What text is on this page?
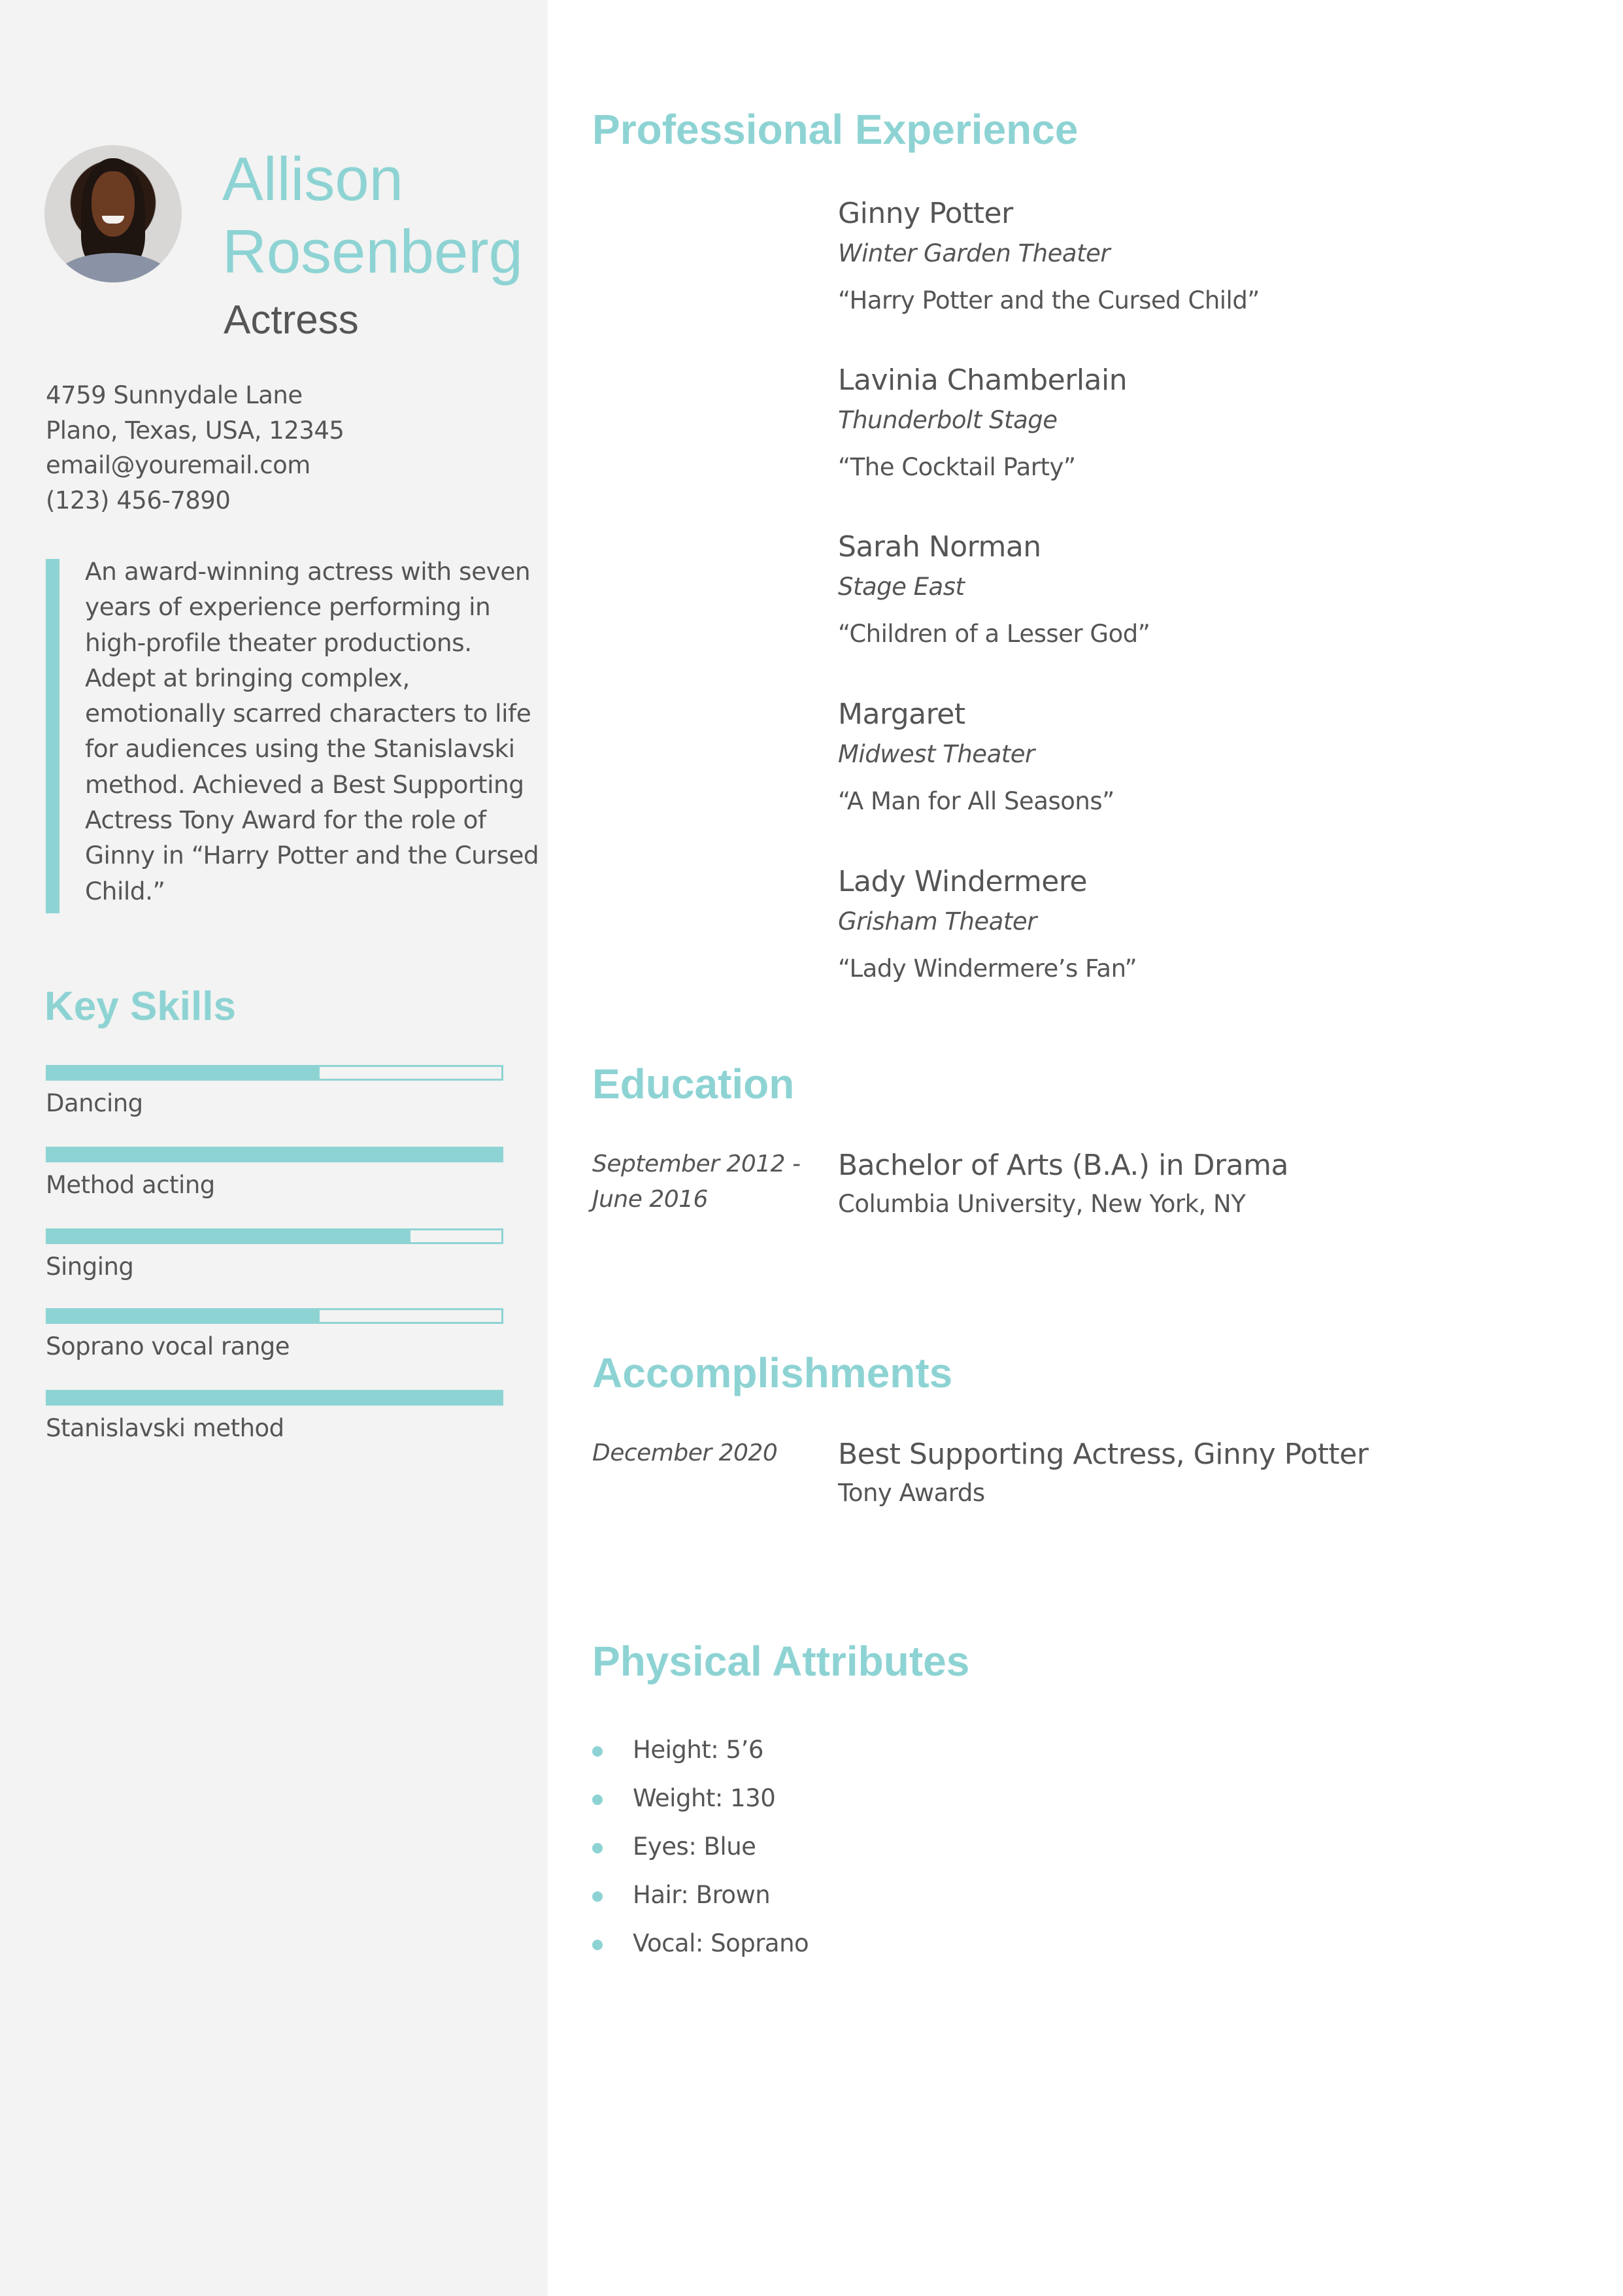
Allison
Rosenberg
Actress
4759 Sunnydale Lane
Plano, Texas, USA, 12345
email@youremail.com
(123) 456-7890

An award-winning actress with seven years of experience performing in high-profile theater productions. Adept at bringing complex, emotionally scarred characters to life for audiences using the Stanislavski method. Achieved a Best Supporting Actress Tony Award for the role of Ginny in “Harry Potter and the Cursed Child.”

Key Skills
Dancing
Method acting
Singing
Soprano vocal range
Stanislavski method
Professional Experience
Ginny Potter
Winter Garden Theater
“Harry Potter and the Cursed Child”
Lavinia Chamberlain
Thunderbolt Stage
“The Cocktail Party”
Sarah Norman
Stage East
“Children of a Lesser God”
Margaret
Midwest Theater
“A Man for All Seasons”
Lady Windermere
Grisham Theater
“Lady Windermere’s Fan”
Education
September 2012 -
June 2016
Bachelor of Arts (B.A.) in Drama
Columbia University, New York, NY
Accomplishments
December 2020	Best Supporting Actress, Ginny Potter
Tony Awards
Physical Attributes
Height: 5’6
Weight: 130
Eyes: Blue
Hair: Brown
Vocal: Soprano
